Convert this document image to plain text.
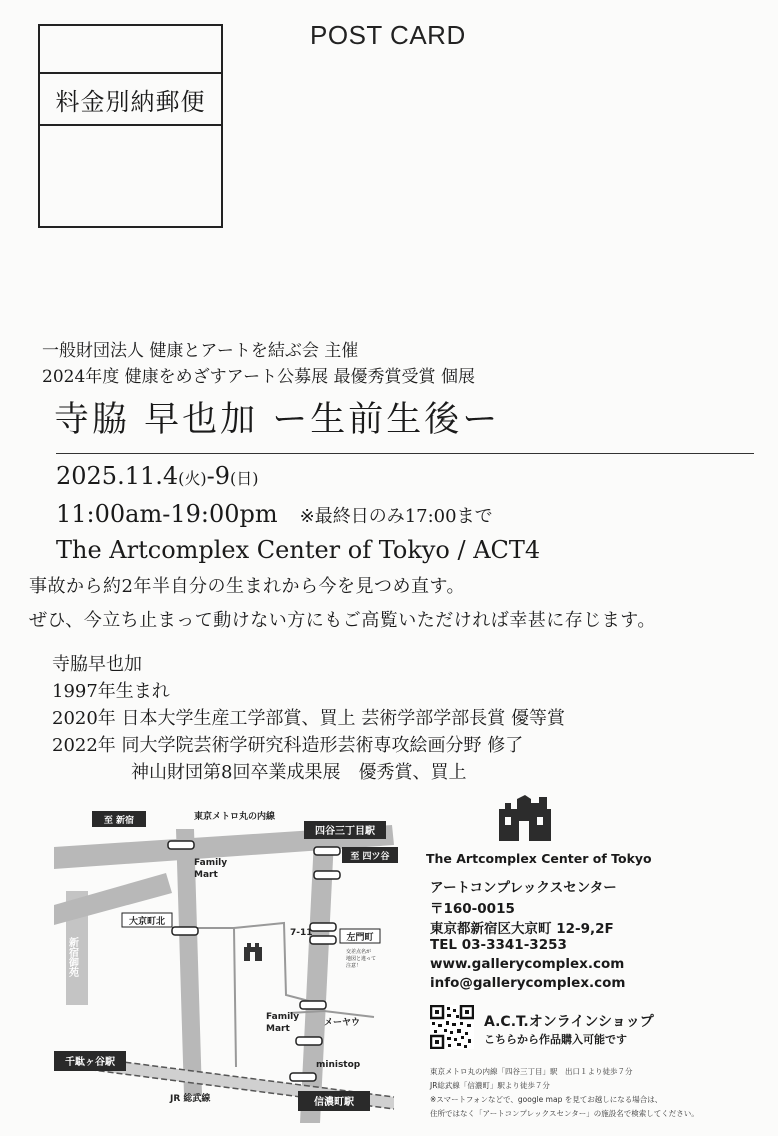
POST CARD
料金別納郵便
一般財団法人 健康とアートを結ぶ会 主催
2024年度 健康をめざすアート公募展 最優秀賞受賞 個展
寺脇 早也加 ー生前生後ー
2025.11.4(火)-9(日)
11:00am-19:00pm ※最終日のみ17:00まで
The Artcomplex Center of Tokyo / ACT4
事故から約2年半自分の生まれから今を見つめ直す。
ぜひ、今立ち止まって動けない方にもご高覧いただければ幸甚に存じます。
寺脇早也加
1997年生まれ
2020年 日本大学生産工学部賞、買上 芸術学部学部長賞 優等賞
2022年 同大学院芸術学研究科造形芸術専攻絵画分野 修了
神山財団第8回卒業成果展　優秀賞、買上
至 新宿	東京メトロ丸の内線
四谷三丁目駅
至 四ツ谷
Family
Mart
大京町北
7-11	左門町
交差点名が
地図と違って
注意！
新宿御苑
Family
Mart
メーヤウ
ministop
千駄ヶ谷駅
JR 総武線	信濃町駅
The Artcomplex Center of Tokyo
アートコンプレックスセンター
〒160-0015
東京都新宿区大京町 12-9,2F
TEL 03-3341-3253
www.gallerycomplex.com
info@gallerycomplex.com
A.C.T.オンラインショップ
こちらから作品購入可能です
東京メトロ丸の内線「四谷三丁目」駅　出口１より徒歩７分
JR総武線「信濃町」駅より徒歩７分
※スマートフォンなどで、google map を見てお越しになる場合は、
住所ではなく「アートコンプレックスセンター」の施設名で検索してください。
